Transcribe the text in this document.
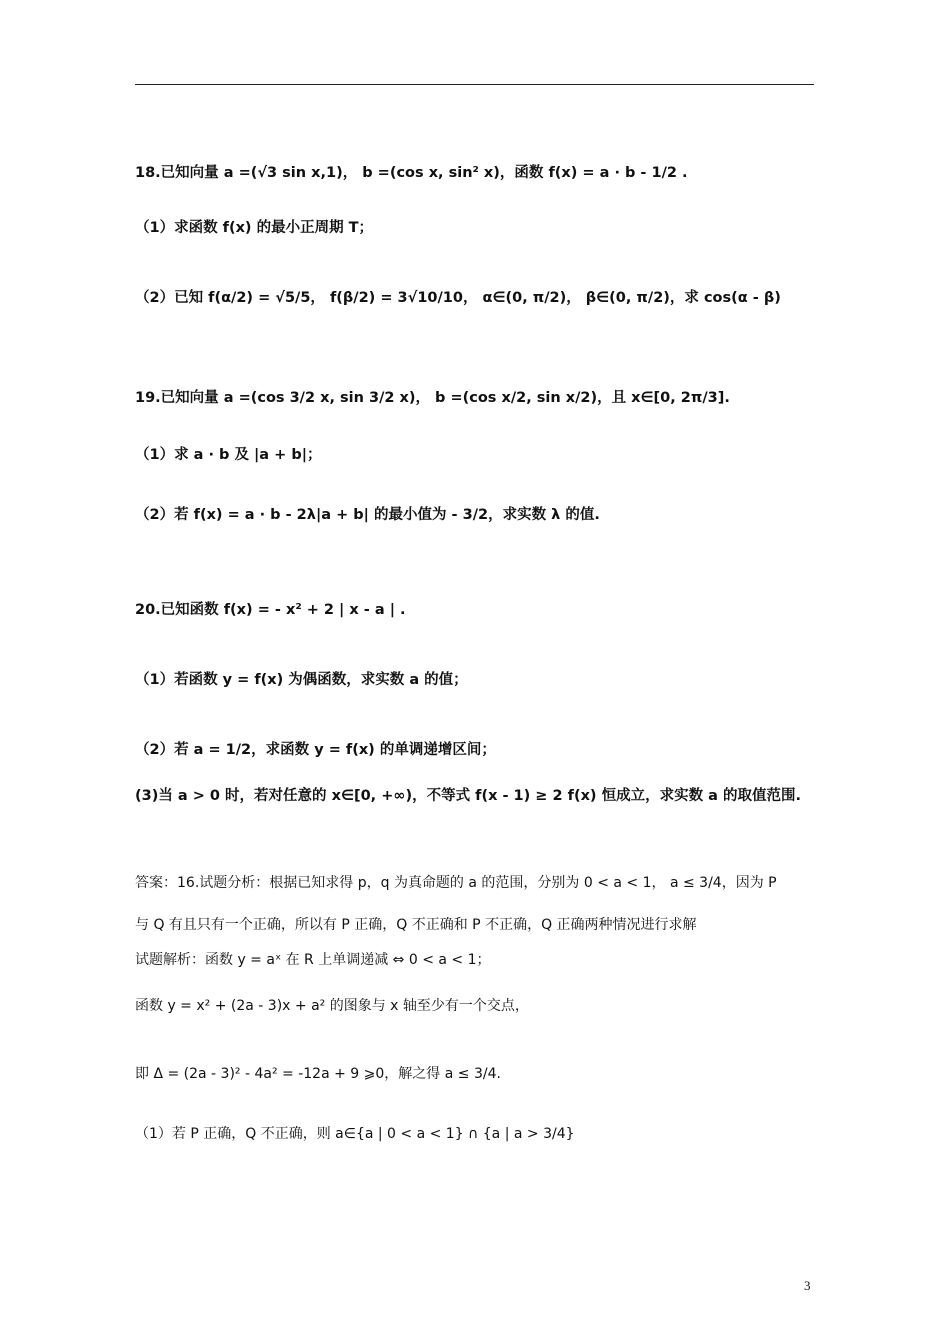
18.已知向量 a =(√3 sin x,1)， b =(cos x, sin² x)，函数 f(x) = a · b - 1/2 .
（1）求函数 f(x) 的最小正周期 T；
（2）已知 f(α/2) = √5/5， f(β/2) = 3√10/10， α∈(0, π/2)， β∈(0, π/2)，求 cos(α - β)
19.已知向量 a =(cos 3/2 x, sin 3/2 x)， b =(cos x/2, sin x/2)，且 x∈[0, 2π/3].
（1）求 a · b 及 |a + b|；
（2）若 f(x) = a · b - 2λ|a + b| 的最小值为 - 3/2，求实数 λ 的值.
20.已知函数 f(x) = - x² + 2 | x - a | .
（1）若函数 y = f(x) 为偶函数，求实数 a 的值；
（2）若 a = 1/2，求函数 y = f(x) 的单调递增区间；
(3)当 a > 0 时，若对任意的 x∈[0, +∞)，不等式 f(x - 1) ≥ 2 f(x) 恒成立，求实数 a 的取值范围.
答案：16.试题分析：根据已知求得 p，q 为真命题的 a 的范围，分别为 0 < a < 1， a ≤ 3/4，因为 P
与 Q 有且只有一个正确，所以有 P 正确，Q 不正确和 P 不正确，Q 正确两种情况进行求解
试题解析：函数 y = aˣ 在 R 上单调递减 ⇔ 0 < a < 1；
函数 y = x² + (2a - 3)x + a² 的图象与 x 轴至少有一个交点，
即 Δ = (2a - 3)² - 4a² = -12a + 9 ⩾0，解之得 a ≤ 3/4.
（1）若 P 正确，Q 不正确，则 a∈{a | 0 < a < 1} ∩ {a | a > 3/4}
3
